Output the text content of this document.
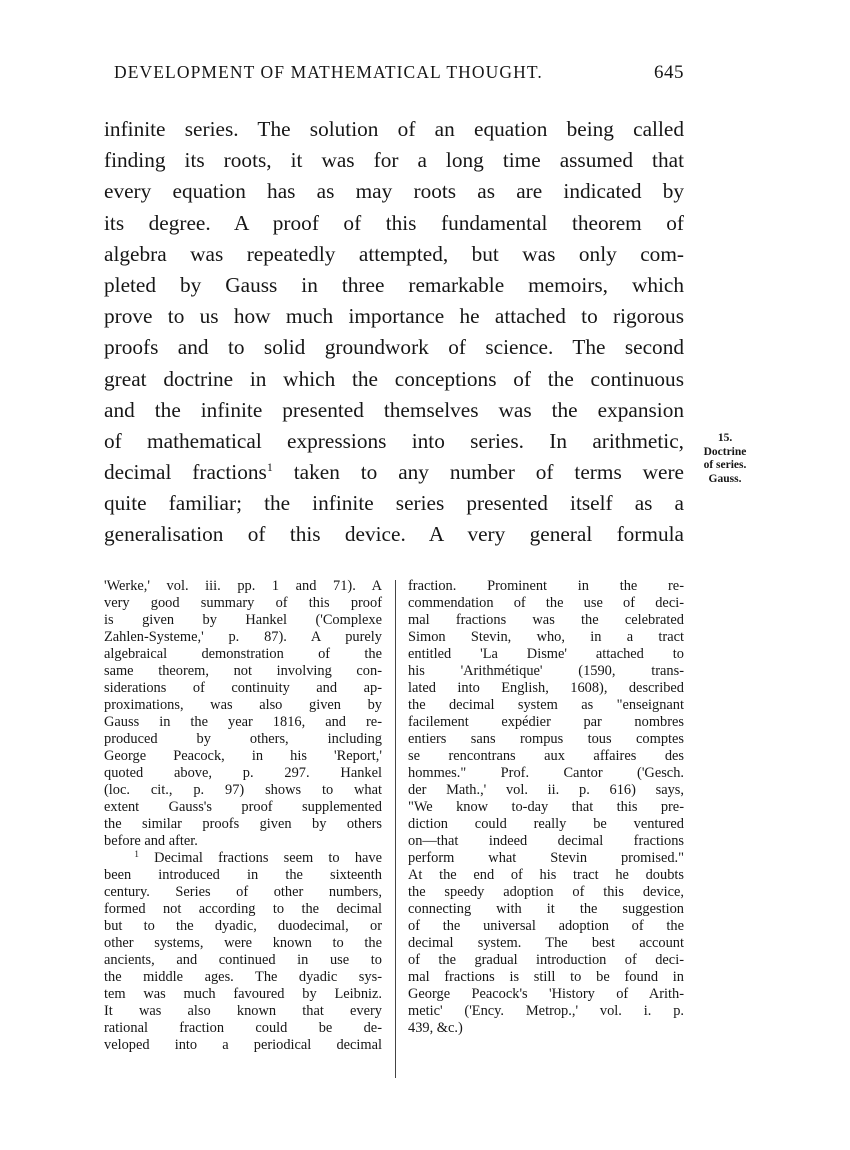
DEVELOPMENT OF MATHEMATICAL THOUGHT.	645
infinite series. The solution of an equation being called
finding its roots, it was for a long time assumed that
every equation has as may roots as are indicated by
its degree. A proof of this fundamental theorem of
algebra was repeatedly attempted, but was only com-
pleted by Gauss in three remarkable memoirs, which
prove to us how much importance he attached to rigorous
proofs and to solid groundwork of science. The second
great doctrine in which the conceptions of the continuous
and the infinite presented themselves was the expansion
of mathematical expressions into series. In arithmetic,
decimal fractions$^1$ taken to any number of terms were
quite familiar; the infinite series presented itself as a
generalisation of this device. A very general formula
15.
Doctrine
of series.
Gauss.
'Werke,' vol. iii. pp. 1 and 71). A
very good summary of this proof
is given by Hankel ('Complexe
Zahlen-Systeme,' p. 87). A purely
algebraical demonstration of the
same theorem, not involving con-
siderations of continuity and ap-
proximations, was also given by
Gauss in the year 1816, and re-
produced by others, including
George Peacock, in his 'Report,'
quoted above, p. 297. Hankel
(loc. cit., p. 97) shows to what
extent Gauss's proof supplemented
the similar proofs given by others
before and after.
$^1$ Decimal fractions seem to have
been introduced in the sixteenth
century. Series of other numbers,
formed not according to the decimal
but to the dyadic, duodecimal, or
other systems, were known to the
ancients, and continued in use to
the middle ages. The dyadic sys-
tem was much favoured by Leibniz.
It was also known that every
rational fraction could be de-
veloped into a periodical decimal
fraction. Prominent in the re-
commendation of the use of deci-
mal fractions was the celebrated
Simon Stevin, who, in a tract
entitled 'La Disme' attached to
his 'Arithmétique' (1590, trans-
lated into English, 1608), described
the decimal system as "enseignant
facilement expédier par nombres
entiers sans rompus tous comptes
se rencontrans aux affaires des
hommes." Prof. Cantor ('Gesch.
der Math.,' vol. ii. p. 616) says,
"We know to-day that this pre-
diction could really be ventured
on—that indeed decimal fractions
perform what Stevin promised."
At the end of his tract he doubts
the speedy adoption of this device,
connecting with it the suggestion
of the universal adoption of the
decimal system. The best account
of the gradual introduction of deci-
mal fractions is still to be found in
George Peacock's 'History of Arith-
metic' ('Ency. Metrop.,' vol. i. p.
439, &c.)
